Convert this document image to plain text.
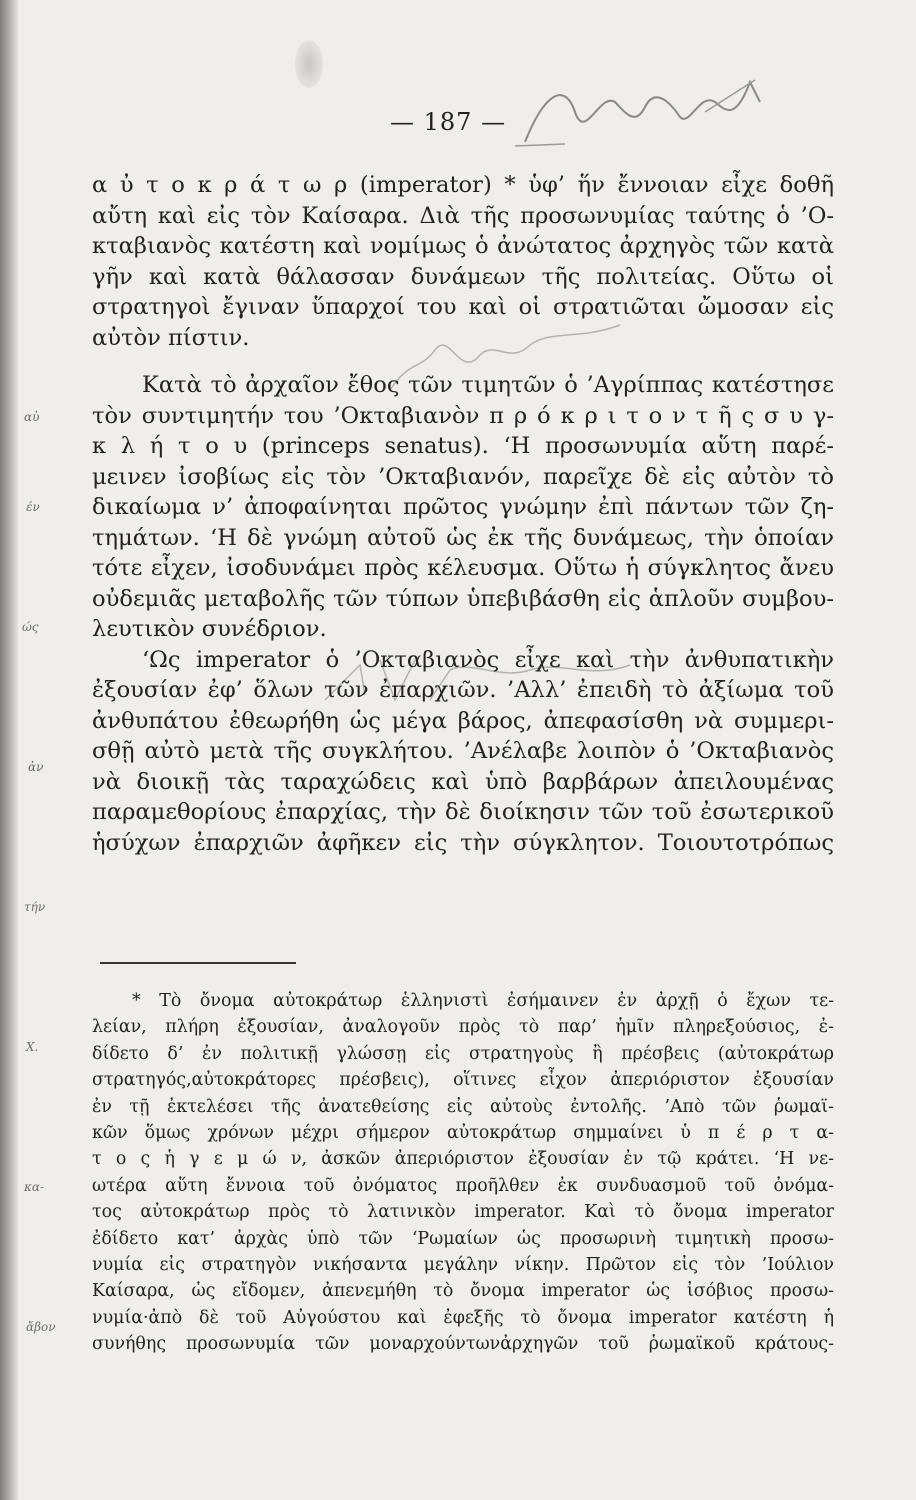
— 187 —
αὐ
έν
ώς
ἀν
τήν
Χ.
κα-
ἄβον

α ὐ τ ο κ ρ ά τ ω ρ (imperator) * ὑφ’ ἥν ἔννοιαν εἶχε δοθῆ

αὔτη καὶ εἰς τὸν Καίσαρα. Διὰ τῆς προσωνυμίας ταύτης ὁ ’Ο-

κταβιανὸς κατέστη καὶ νομίμως ὁ ἀνώτατος ἀρχηγὸς τῶν κατὰ

γῆν καὶ κατὰ θάλασσαν δυνάμεων τῆς πολιτείας. Οὕτω οἱ

στρατηγοὶ ἔγιναν ὕπαρχοί του καὶ οἱ στρατιῶται ὤμοσαν εἰς

αὐτὸν πίστιν.

Κατὰ τὸ ἀρχαῖον ἔθος τῶν τιμητῶν ὁ ’Αγρίππας κατέστησε

τὸν συντιμητήν του ’Οκταβιανὸν π ρ ό κ ρ ι τ ο ν τ ῆ ς σ υ γ-

κ λ ή τ ο υ (princeps senatus). ‘Η προσωνυμία αὕτη παρέ-

μεινεν ἰσοβίως εἰς τὸν ’Οκταβιανόν, παρεῖχε δὲ εἰς αὐτὸν τὸ

δικαίωμα ν’ ἀποφαίνηται πρῶτος γνώμην ἐπὶ πάντων τῶν ζη-

τημάτων. ‘Η δὲ γνώμη αὐτοῦ ὡς ἐκ τῆς δυνάμεως, τὴν ὁποίαν

τότε εἶχεν, ἰσοδυνάμει πρὸς κέλευσμα. Οὕτω ἡ σύγκλητος ἄνευ

οὐδεμιᾶς μεταβολῆς τῶν τύπων ὑπεβιβάσθη εἰς ἁπλοῦν συμβου-

λευτικὸν συνέδριον.

‘Ως imperator ὁ ’Οκταβιανὸς εἶχε καὶ τὴν ἀνθυπατικὴν

ἐξουσίαν ἐφ’ ὅλων τῶν ἐπαρχιῶν. ’Αλλ’ ἐπειδὴ τὸ ἀξίωμα τοῦ

ἀνθυπάτου ἐθεωρήθη ὡς μέγα βάρος, ἀπεφασίσθη νὰ συμμερι-

σθῇ αὐτὸ μετὰ τῆς συγκλήτου. ’Ανέλαβε λοιπὸν ὁ ’Οκταβιανὸς

νὰ διοικῇ τὰς ταραχώδεις καὶ ὑπὸ βαρβάρων ἀπειλουμένας

παραμεθορίους ἐπαρχίας, τὴν δὲ διοίκησιν τῶν τοῦ ἐσωτερικοῦ

ἡσύχων ἐπαρχιῶν ἀφῆκεν εἰς τὴν σύγκλητον. Τοιουτοτρόπως

* Τὸ ὄνομα αὐτοκράτωρ ἑλληνιστὶ ἐσήμαινεν ἐν ἀρχῇ ὁ ἔχων τε-

λείαν, πλήρη ἐξουσίαν, ἀναλογοῦν πρὸς τὸ παρ’ ἡμῖν πληρεξούσιος, ἐ-

δίδετο δ’ ἐν πολιτικῇ γλώσσῃ εἰς στρατηγοὺς ἢ πρέσβεις (αὐτοκράτωρ

στρατηγός,αὐτοκράτορες πρέσβεις), οἵτινες εἶχον ἀπεριόριστον ἐξουσίαν

ἐν τῇ ἐκτελέσει τῆς ἀνατεθείσης εἰς αὐτοὺς ἐντολῆς. ’Απὸ τῶν ῥωμαϊ-

κῶν ὅμως χρόνων μέχρι σήμερον αὐτοκράτωρ σημμαίνει ὑ π έ ρ τ α-

τ ο ς ἡ γ ε μ ώ ν, ἀσκῶν ἀπεριόριστον ἐξουσίαν ἐν τῷ κράτει. ‘Η νε-

ωτέρα αὕτη ἔννοια τοῦ ὀνόματος προῆλθεν ἐκ συνδυασμοῦ τοῦ ὀνόμα-

τος αὐτοκράτωρ πρὸς τὸ λατινικὸν imperator. Καὶ τὸ ὄνομα imperator

ἐδίδετο κατ’ ἀρχὰς ὑπὸ τῶν ‘Ρωμαίων ὡς προσωρινὴ τιμητικὴ προσω-

νυμία εἰς στρατηγὸν νικήσαντα μεγάλην νίκην. Πρῶτον εἰς τὸν ’Ιούλιον

Καίσαρα, ὡς εἴδομεν, ἀπενεμήθη τὸ ὄνομα imperator ὡς ἰσόβιος προσω-

νυμία·ἀπὸ δὲ τοῦ Αὐγούστου καὶ ἐφεξῆς τὸ ὄνομα imperator κατέστη ἡ

συνήθης προσωνυμία τῶν μοναρχούντωνἀρχηγῶν τοῦ ῥωμαϊκοῦ κράτους-
